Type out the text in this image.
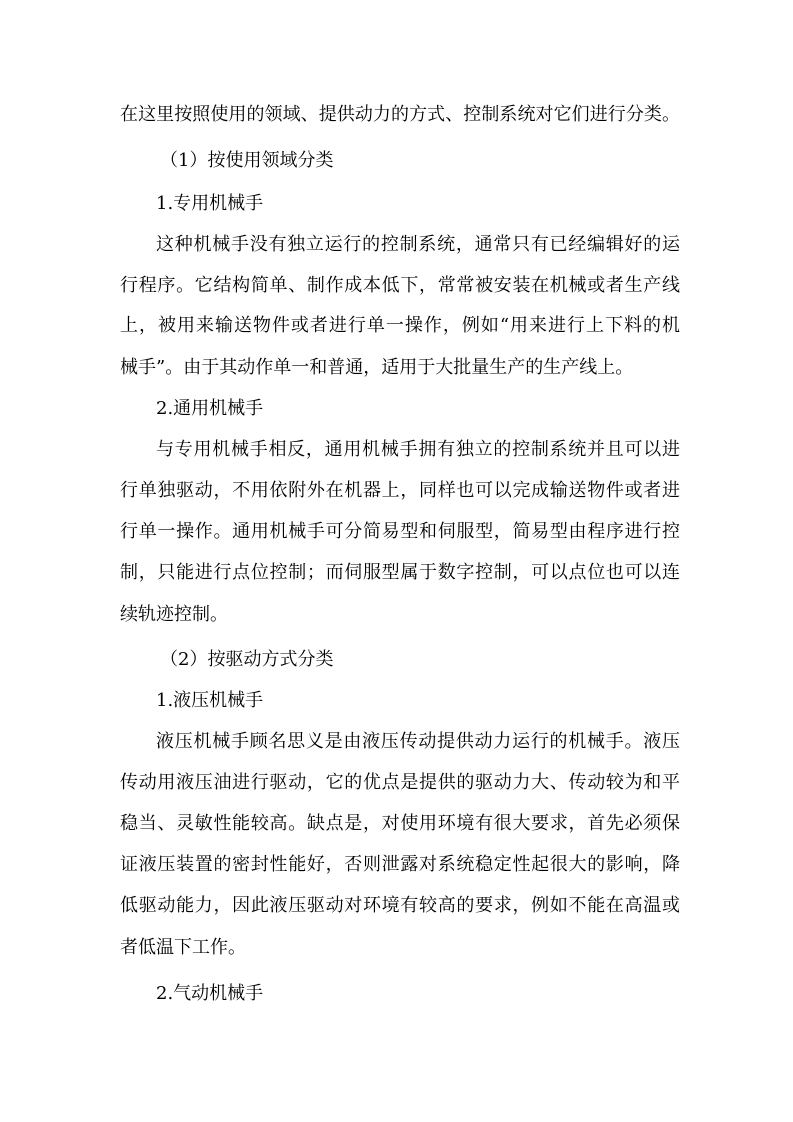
在这里按照使用的领域、提供动力的方式、控制系统对它们进行分类。
（1）按使用领域分类
1.专用机械手
这种机械手没有独立运行的控制系统，通常只有已经编辑好的运
行程序。它结构简单、制作成本低下，常常被安装在机械或者生产线
上，被用来输送物件或者进行单一操作，例如“用来进行上下料的机
械手”。由于其动作单一和普通，适用于大批量生产的生产线上。
2.通用机械手
与专用机械手相反，通用机械手拥有独立的控制系统并且可以进
行单独驱动，不用依附外在机器上，同样也可以完成输送物件或者进
行单一操作。通用机械手可分简易型和伺服型，简易型由程序进行控
制，只能进行点位控制；而伺服型属于数字控制，可以点位也可以连
续轨迹控制。
（2）按驱动方式分类
1.液压机械手
液压机械手顾名思义是由液压传动提供动力运行的机械手。液压
传动用液压油进行驱动，它的优点是提供的驱动力大、传动较为和平
稳当、灵敏性能较高。缺点是，对使用环境有很大要求，首先必须保
证液压装置的密封性能好，否则泄露对系统稳定性起很大的影响，降
低驱动能力，因此液压驱动对环境有较高的要求，例如不能在高温或
者低温下工作。
2.气动机械手
